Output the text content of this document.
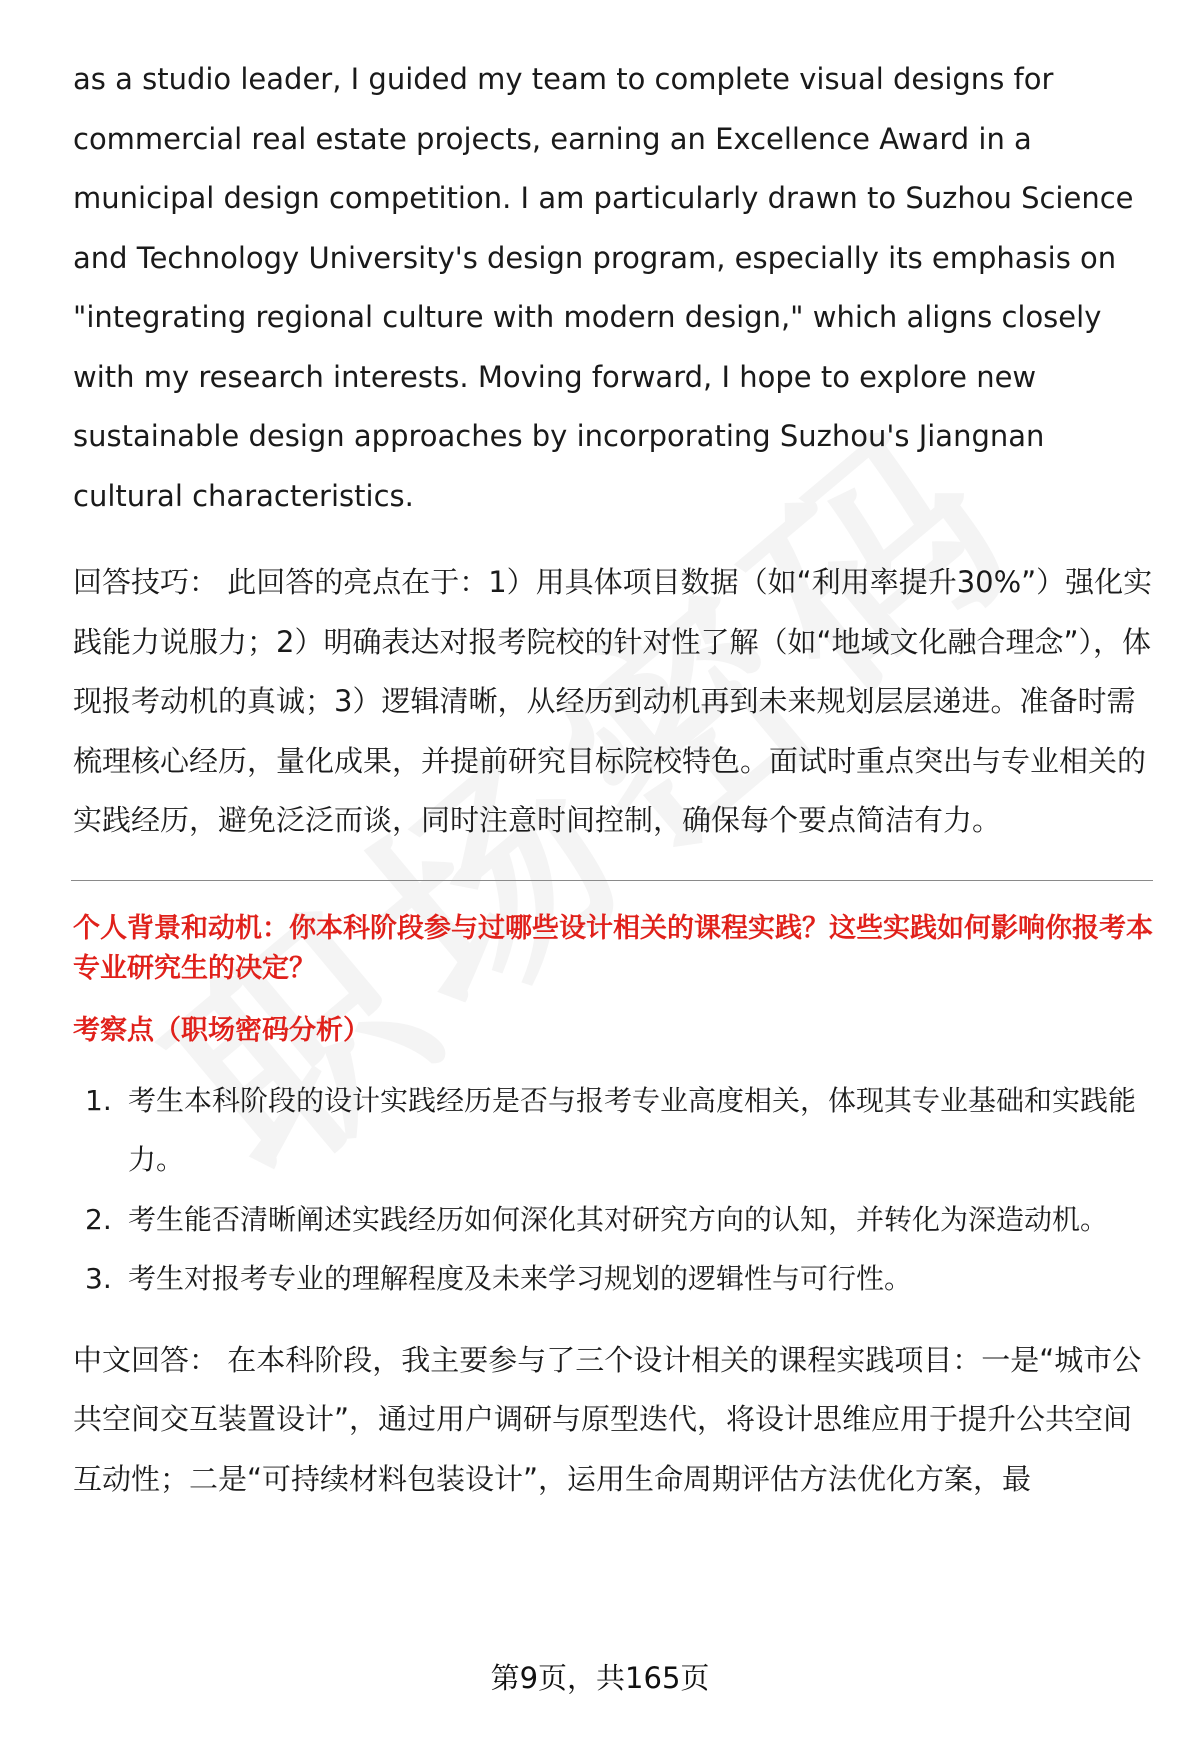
as a studio leader, I guided my team to complete visual designs for commercial real estate projects, earning an Excellence Award in a municipal design competition. I am particularly drawn to Suzhou Science and Technology University's design program, especially its emphasis on "integrating regional culture with modern design," which aligns closely with my research interests. Moving forward, I hope to explore new sustainable design approaches by incorporating Suzhou's Jiangnan cultural characteristics.

回答技巧： 此回答的亮点在于：1）用具体项目数据（如“利用率提升30%”）强化实践能力说服力；2）明确表达对报考院校的针对性了解（如“地域文化融合理念”），体现报考动机的真诚；3）逻辑清晰，从经历到动机再到未来规划层层递进。准备时需梳理核心经历，量化成果，并提前研究目标院校特色。面试时重点突出与专业相关的实践经历，避免泛泛而谈，同时注意时间控制，确保每个要点简洁有力。

个人背景和动机：你本科阶段参与过哪些设计相关的课程实践？这些实践如何影响你报考本专业研究生的决定？

考察点（职场密码分析）

1. 考生本科阶段的设计实践经历是否与报考专业高度相关，体现其专业基础和实践能力。
2. 考生能否清晰阐述实践经历如何深化其对研究方向的认知，并转化为深造动机。
3. 考生对报考专业的理解程度及未来学习规划的逻辑性与可行性。

中文回答： 在本科阶段，我主要参与了三个设计相关的课程实践项目：一是“城市公共空间交互装置设计”，通过用户调研与原型迭代，将设计思维应用于提升公共空间互动性；二是“可持续材料包装设计”，运用生命周期评估方法优化方案，最

第9页，共165页
